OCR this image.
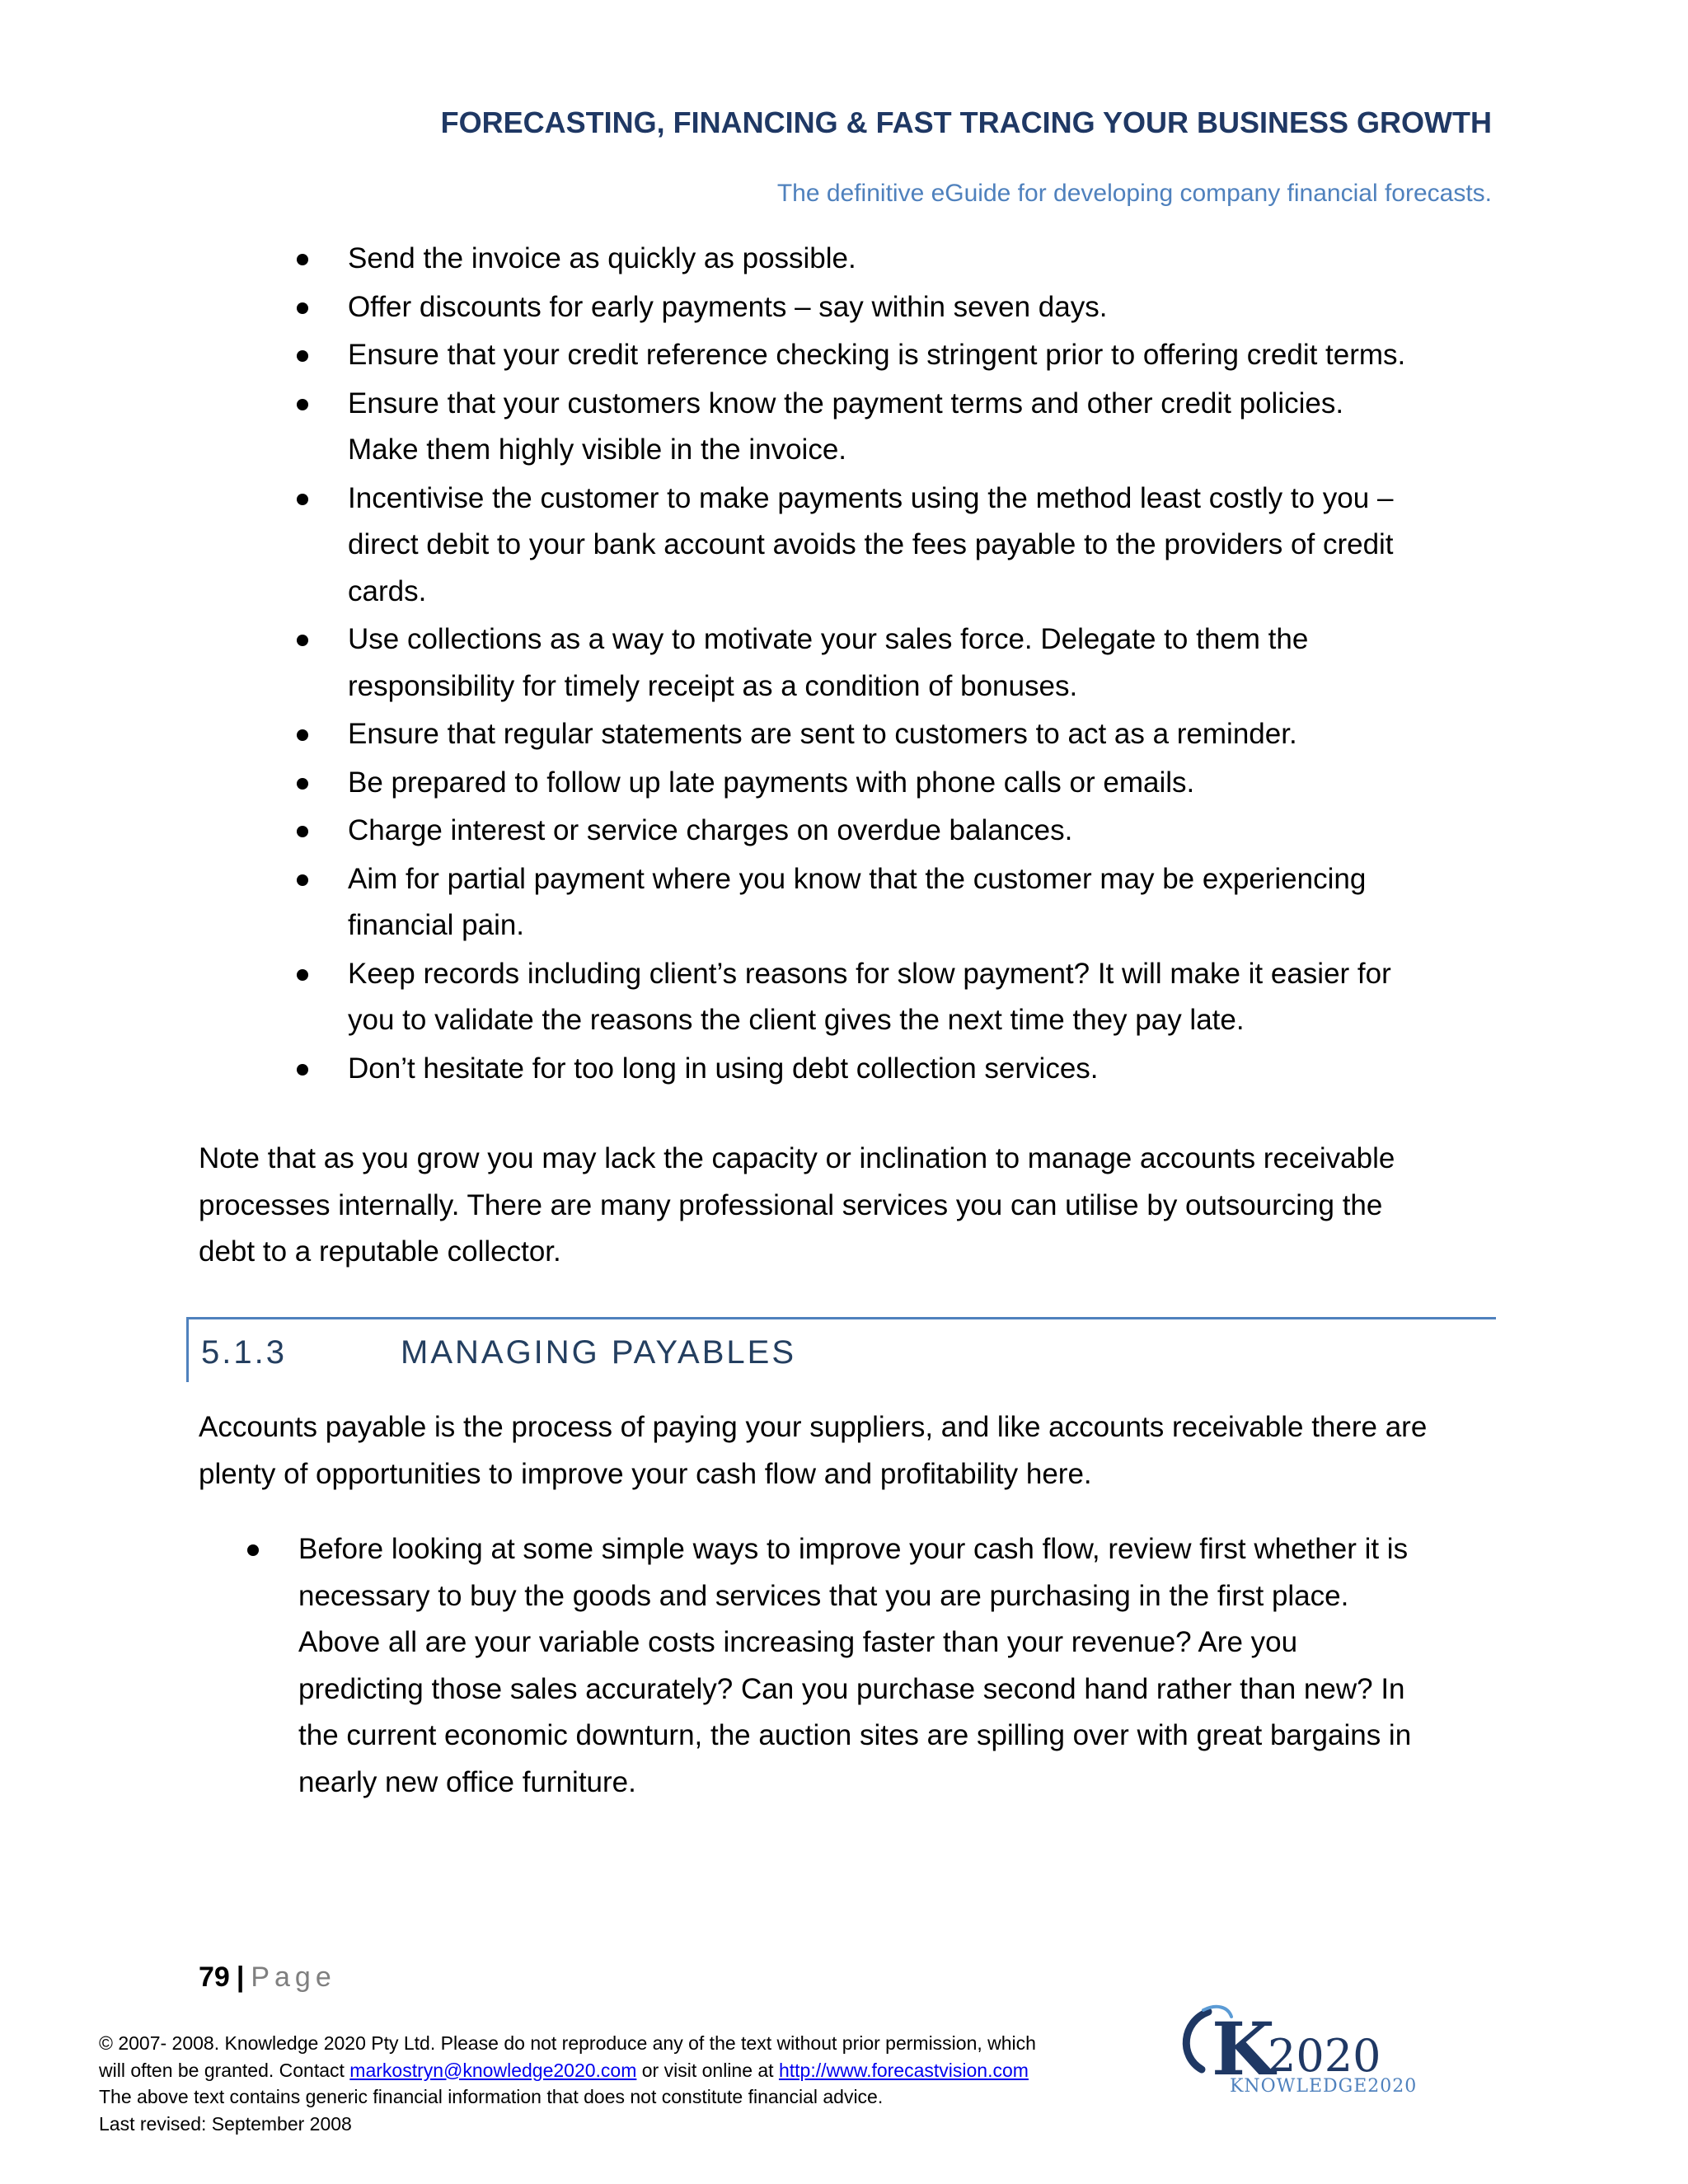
FORECASTING, FINANCING & FAST TRACING YOUR BUSINESS GROWTH
The definitive eGuide for developing company financial forecasts.
Send the invoice as quickly as possible.
Offer discounts for early payments – say within seven days.
Ensure that your credit reference checking is stringent prior to offering credit terms.
Ensure that your customers know the payment terms and other credit policies.
Make them highly visible in the invoice.
Incentivise the customer to make payments using the method least costly to you –
direct debit to your bank account avoids the fees payable to the providers of credit
cards.
Use collections as a way to motivate your sales force. Delegate to them the
responsibility for timely receipt as a condition of bonuses.
Ensure that regular statements are sent to customers to act as a reminder.
Be prepared to follow up late payments with phone calls or emails.
Charge interest or service charges on overdue balances.
Aim for partial payment where you know that the customer may be experiencing
financial pain.
Keep records including client’s reasons for slow payment? It will make it easier for
you to validate the reasons the client gives the next time they pay late.
Don’t hesitate for too long in using debt collection services.

Note that as you grow you may lack the capacity or inclination to manage accounts receivable
processes internally. There are many professional services you can utilise by outsourcing the
debt to a reputable collector.

5.1.3	MANAGING PAYABLES

Accounts payable is the process of paying your suppliers, and like accounts receivable there are
plenty of opportunities to improve your cash flow and profitability here.

Before looking at some simple ways to improve your cash flow, review first whether it is
necessary to buy the goods and services that you are purchasing in the first place.
Above all are your variable costs increasing faster than your revenue? Are you
predicting those sales accurately? Can you purchase second hand rather than new? In
the current economic downturn, the auction sites are spilling over with great bargains in
nearly new office furniture.
79 | Page
© 2007- 2008. Knowledge 2020 Pty Ltd. Please do not reproduce any of the text without prior permission, which
will often be granted. Contact markostryn@knowledge2020.com or visit online at http://www.forecastvision.com
The above text contains generic financial information that does not constitute financial advice.
Last revised: September 2008
K
2020
KNOWLEDGE2020
